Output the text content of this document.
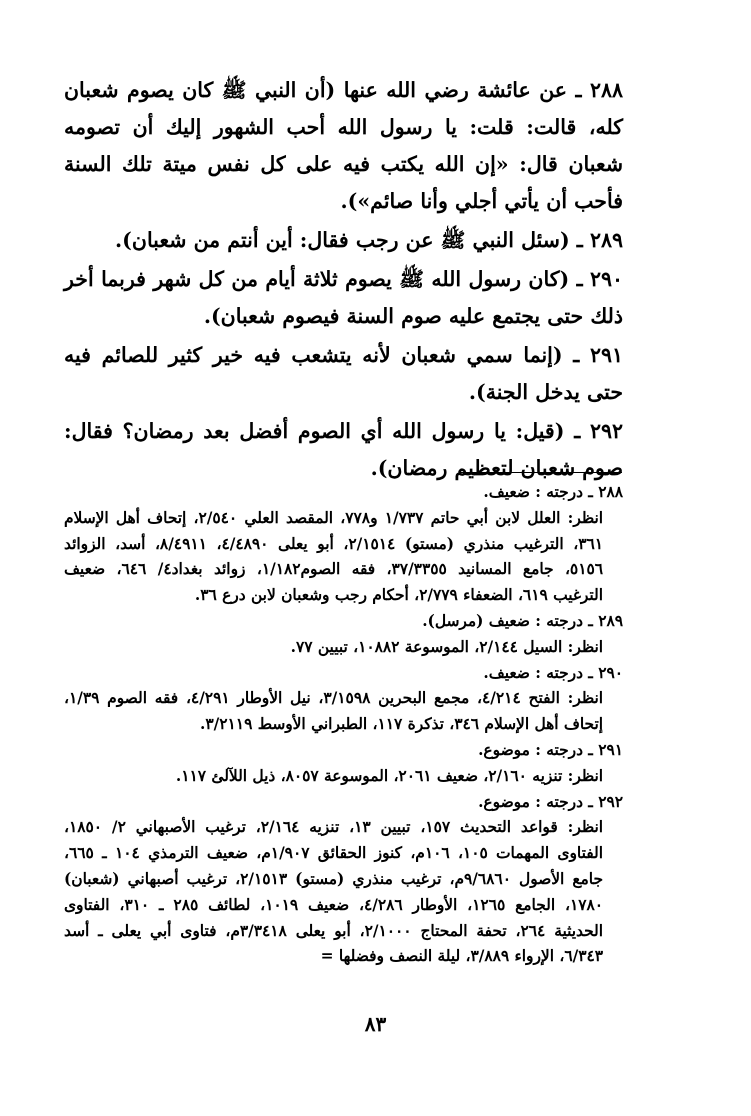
٢٨٨ ـ عن عائشة رضي الله عنها (أن النبي ﷺ كان يصوم شعبان كله، قالت: قلت: يا رسول الله أحب الشهور إليك أن تصومه شعبان قال: «إن الله يكتب فيه على كل نفس ميتة تلك السنة فأحب أن يأتي أجلي وأنا صائم»).

٢٨٩ ـ (سئل النبي ﷺ عن رجب فقال: أين أنتم من شعبان).

٢٩٠ ـ (كان رسول الله ﷺ يصوم ثلاثة أيام من كل شهر فربما أخر ذلك حتى يجتمع عليه صوم السنة فيصوم شعبان).

٢٩١ ـ (إنما سمي شعبان لأنه يتشعب فيه خير كثير للصائم فيه حتى يدخل الجنة).

٢٩٢ ـ (قيل: يا رسول الله أي الصوم أفضل بعد رمضان؟ فقال: صوم شعبان لتعظيم رمضان).

٢٨٨ ـ درجته : ضعيف.

انظر: العلل لابن أبي حاتم ١/٧٣٧ و٧٧٨، المقصد العلي ٢/٥٤٠، إتحاف أهل الإسلام ٣٦١، الترغيب منذري (مستو) ٢/١٥١٤، أبو يعلى ٤/٤٨٩٠، ٨/٤٩١١، أسد، الزوائد ٥١٥٦، جامع المسانيد ٣٧/٣٣٥٥، فقه الصوم١/١٨٢، زوائد بغداد٤/ ٦٤٦، ضعيف الترغيب ٦١٩، الضعفاء ٢/٧٧٩، أحكام رجب وشعبان لابن درع ٣٦.

٢٨٩ ـ درجته : ضعيف (مرسل).

انظر: السيل ٢/١٤٤، الموسوعة ١٠٨٨٢، تبيين ٧٧.

٢٩٠ ـ درجته : ضعيف.

انظر: الفتح ٤/٢١٤، مجمع البحرين ٣/١٥٩٨، نيل الأوطار ٤/٢٩١، فقه الصوم ١/٣٩، إتحاف أهل الإسلام ٣٤٦، تذكرة ١١٧، الطبراني الأوسط ٣/٢١١٩.

٢٩١ ـ درجته : موضوع.

انظر: تنزيه ٢/١٦٠، ضعيف ٢٠٦١، الموسوعة ٨٠٥٧، ذيل اللآلئ ١١٧.

٢٩٢ ـ درجته : موضوع.

انظر: قواعد التحديث ١٥٧، تبيين ١٣، تنزيه ٢/١٦٤، ترغيب الأصبهاني ٢/ ١٨٥٠، الفتاوى المهمات ١٠٥، ١٠٦م، كنوز الحقائق ١/٩٠٧م، ضعيف الترمذي ١٠٤ ـ ٦٦٥، جامع الأصول ٩/٦٨٦٠م، ترغيب منذري (مستو) ٢/١٥١٣، ترغيب أصبهاني (شعبان) ١٧٨٠، الجامع ١٢٦٥، الأوطار ٤/٢٨٦، ضعيف ١٠١٩، لطائف ٢٨٥ ـ ٣١٠، الفتاوى الحديثية ٢٦٤، تحفة المحتاج ٢/١٠٠٠، أبو يعلى ٣/٣٤١٨م، فتاوى أبي يعلى ـ أسد ٦/٣٤٣، الإرواء ٣/٨٨٩، ليلة النصف وفضلها =

٨٣
